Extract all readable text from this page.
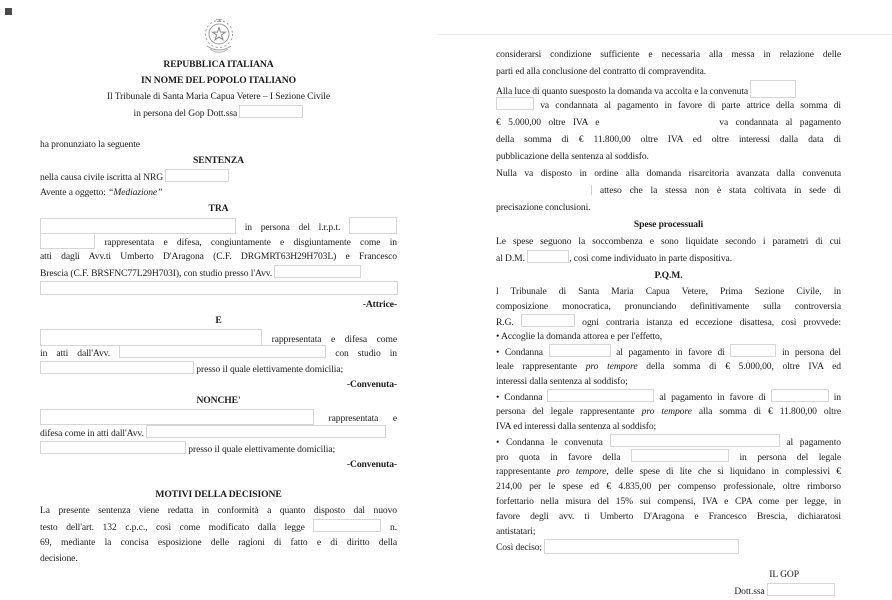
REPUBBLICA ITALIANA
IN NOME DEL POPOLO ITALIANO
Il Tribunale di Santa Maria Capua Vetere – I Sezione Civile
in persona del Gop Dott.ssa
ha pronunziato la seguente
SENTENZA
nella causa civile iscritta al NRG
Avente a oggetto: “Mediazione”
TRA
in persona del l.r.p.t.
rappresentata e difesa, congiuntamente e disgiuntamente come in
atti dagli Avv.ti Umberto D'Aragona (C.F. DRGMRT63H29H703L) e Francesco
Brescia (C.F. BRSFNC77L29H703I), con studio presso l'Avv.
-Attrice-
E
rappresentata e difesa come
in atti dall'Avv.	con studio in
presso il quale elettivamente domicilia;
-Convenuta-
NONCHE'
rappresentata e
difesa come in atti dall'Avv.
presso il quale elettivamente domicilia;
-Convenuta-
MOTIVI DELLA DECISIONE
La presente sentenza viene redatta in conformità a quanto disposto dal nuovo
testo dell'art. 132 c.p.c., così come modificato dalla legge	n.
69, mediante la concisa esposizione delle ragioni di fatto e di diritto della
decisione.
considerarsi condizione sufficiente e necessaria alla messa in relazione delle
parti ed alla conclusione del contratto di compravendita.
Alla luce di quanto suesposto la domanda va accolta e la convenuta
va condannata al pagamento in favore di parte attrice della somma di
€ 5.000,00 oltre IVA e	va condannata al pagamento
della somma di € 11.800,00 oltre IVA ed oltre interessi dalla data di
pubblicazione della sentenza al soddisfo.
Nulla va disposto in ordine alla domanda risarcitoria avanzata dalla convenuta
atteso che la stessa non è stata coltivata in sede di
precisazione conclusioni.
Spese processuali
Le spese seguono la soccombenza e sono liquidate secondo i parametri di cui
al D.M.	, così come individuato in parte dispositiva.
P.Q.M.
l Tribunale di Santa Maria Capua Vetere, Prima Sezione Civile, in
composizione monocratica, pronunciando definitivamente sulla controversia
R.G.	ogni contraria istanza ed eccezione disattesa, così provvede:
• Accoglie la domanda attorea e per l'effetto,
• Condanna	al pagamento in favore di	in persona del
leale rappresentante pro tempore della somma di € 5.000,00, oltre IVA ed
interessi dalla sentenza al soddisfo;
• Condanna	al pagamento in favore di	in
persona del legale rappresentante pro tempore alla somma di € 11.800,00 oltre
IVA ed interessi dalla sentenza al soddisfo;
• Condanna le convenuta	al pagamento
pro quota in favore della	in persona del legale
rappresentante pro tempore, delle spese di lite che si liquidano in complessivi €
214,00 per le spese ed € 4.835,00 per compenso professionale, oltre rimborso
forfettario nella misura del 15% sui compensi, IVA e CPA come per legge, in
favore degli avv. ti Umberto D'Aragona e Francesco Brescia, dichiaratosi
antistatari;
Così deciso;
IL GOP
Dott.ssa
